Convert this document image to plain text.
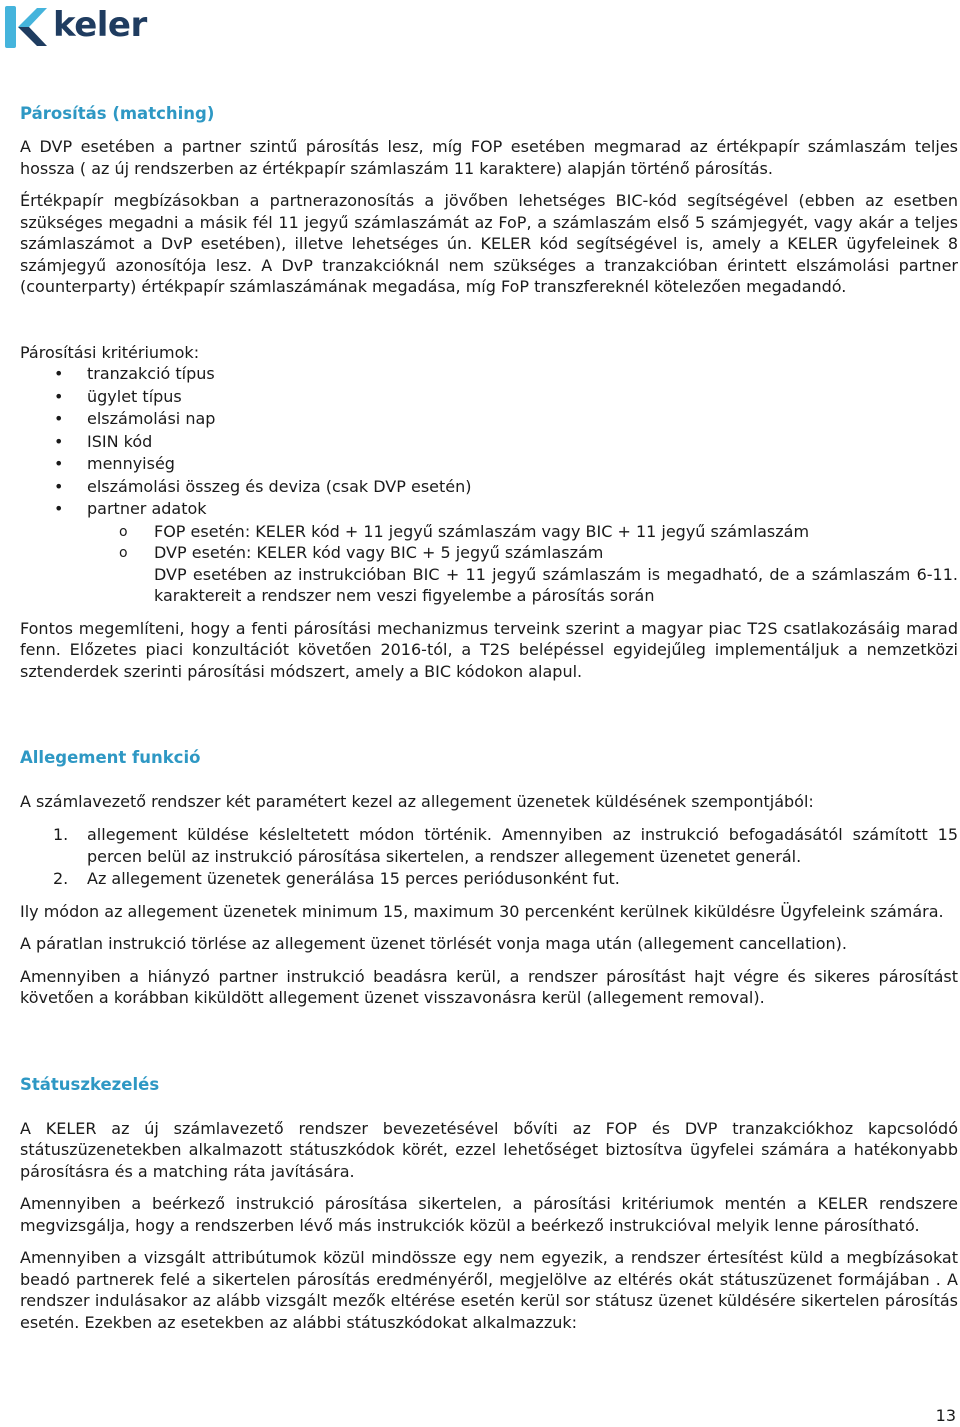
keler
Párosítás (matching)

A DVP esetében a partner szintű párosítás lesz, míg FOP esetében megmarad az értékpapír számlaszám teljes hossza ( az új rendszerben az értékpapír számlaszám 11 karaktere) alapján történő párosítás.

Értékpapír megbízásokban a partnerazonosítás a jövőben lehetséges BIC-kód segítségével (ebben az esetben szükséges megadni a másik fél 11 jegyű számlaszámát az FoP, a számlaszám első 5 számjegyét, vagy akár a teljes számlaszámot a DvP esetében), illetve lehetséges ún. KELER kód segítségével is, amely a KELER ügyfeleinek 8 számjegyű azonosítója lesz. A DvP tranzakcióknál nem szükséges a tranzakcióban érintett elszámolási partner (counterparty) értékpapír számlaszámának megadása, míg FoP transzfereknél kötelezően megadandó.

Párosítási kritériumok:

• tranzakció típus
• ügylet típus
• elszámolási nap
• ISIN kód
• mennyiség
• elszámolási összeg és deviza (csak DVP esetén)
• partner adatok
o FOP esetén: KELER kód + 11 jegyű számlaszám vagy BIC + 11 jegyű számlaszám
o DVP esetén: KELER kód vagy BIC + 5 jegyű számlaszám
DVP esetében az instrukcióban BIC + 11 jegyű számlaszám is megadható, de a számlaszám 6-11. karaktereit a rendszer nem veszi figyelembe a párosítás során

Fontos megemlíteni, hogy a fenti párosítási mechanizmus terveink szerint a magyar piac T2S csatlakozásáig marad fenn. Előzetes piaci konzultációt követően 2016-tól, a T2S belépéssel egyidejűleg implementáljuk a nemzetközi sztenderdek szerinti párosítási módszert, amely a BIC kódokon alapul.

Allegement funkció

A számlavezető rendszer két paramétert kezel az allegement üzenetek küldésének szempontjából:

1. allegement küldése késleltetett módon történik. Amennyiben az instrukció befogadásától számított 15 percen belül az instrukció párosítása sikertelen, a rendszer allegement üzenetet generál.
2. Az allegement üzenetek generálása 15 perces periódusonként fut.

Ily módon az allegement üzenetek minimum 15, maximum 30 percenként kerülnek kiküldésre Ügyfeleink számára.

A páratlan instrukció törlése az allegement üzenet törlését vonja maga után (allegement cancellation).

Amennyiben a hiányzó partner instrukció beadásra kerül, a rendszer párosítást hajt végre és sikeres párosítást követően a korábban kiküldött allegement üzenet visszavonásra kerül (allegement removal).

Státuszkezelés

A KELER az új számlavezető rendszer bevezetésével bővíti az FOP és DVP tranzakciókhoz kapcsolódó státuszüzenetekben alkalmazott státuszkódok körét, ezzel lehetőséget biztosítva ügyfelei számára a hatékonyabb párosításra és a matching ráta javítására.

Amennyiben a beérkező instrukció párosítása sikertelen, a párosítási kritériumok mentén a KELER rendszere megvizsgálja, hogy a rendszerben lévő más instrukciók közül a beérkező instrukcióval melyik lenne párosítható.

Amennyiben a vizsgált attribútumok közül mindössze egy nem egyezik, a rendszer értesítést küld a megbízásokat beadó partnerek felé a sikertelen párosítás eredményéről, megjelölve az eltérés okát státuszüzenet formájában . A rendszer indulásakor az alább vizsgált mezők eltérése esetén kerül sor státusz üzenet küldésére sikertelen párosítás esetén. Ezekben az esetekben az alábbi státuszkódokat alkalmazzuk:

13
